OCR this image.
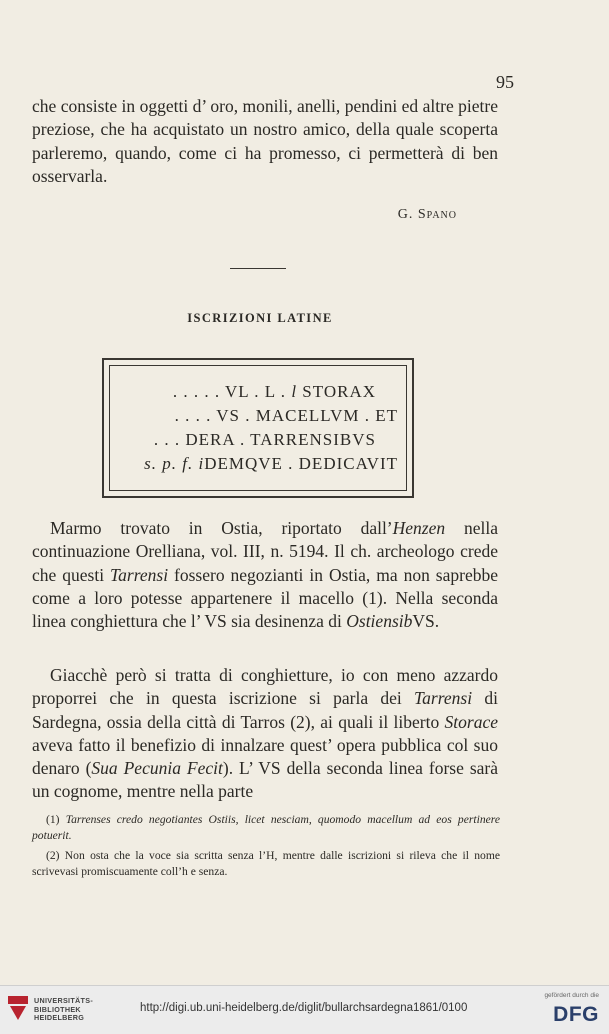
95

che consiste in oggetti d’ oro, monili, anelli, pendini ed altre pietre preziose, che ha acquistato un nostro amico, della quale scoperta parleremo, quando, come ci ha promesso, ci permetterà di ben osservarla.

G. Spano
ISCRIZIONI LATINE
. . . . . VL . L . l STORAX
. . . . VS . MACELLVM . ET
. . . DERA . TARRENSIBVS
s. p. f. iDEMQVE . DEDICAVIT

Marmo trovato in Ostia, riportato dall’Henzen nella continuazione Orelliana, vol. III, n. 5194. Il ch. archeologo crede che questi Tarrensi fossero negozianti in Ostia, ma non saprebbe come a loro potesse appartenere il macello (1). Nella seconda linea conghiettura che l’ VS sia desinenza di OstiensibVS.

Giacchè però si tratta di conghietture, io con meno azzardo proporrei che in questa iscrizione si parla dei Tarrensi di Sardegna, ossia della città di Tarros (2), ai quali il liberto Storace aveva fatto il benefizio di innalzare quest’ opera pubblica col suo denaro (Sua Pecunia Fecit). L’ VS della seconda linea forse sarà un cognome, mentre nella parte

(1) Tarrenses credo negotiantes Ostiis, licet nesciam, quomodo macellum ad eos pertinere potuerit.

(2) Non osta che la voce sia scritta senza l’H, mentre dalle iscrizioni si rileva che il nome scrivevasi promiscuamente coll’h e senza.

UNIVERSITÄTS-
BIBLIOTHEK
HEIDELBERG
http://digi.ub.uni-heidelberg.de/diglit/bullarchsardegna1861/0100
gefördert durch die
DFG
